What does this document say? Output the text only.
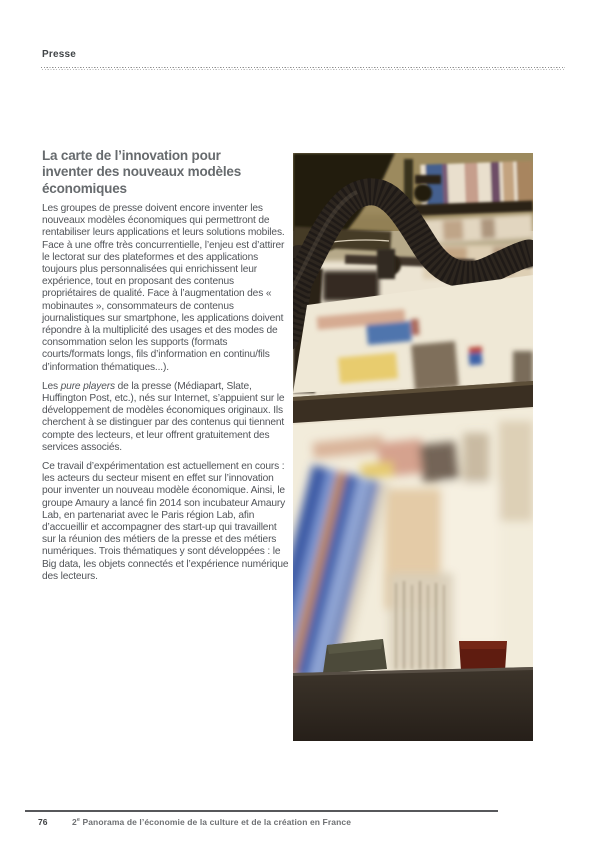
Presse
La carte de l’innovation pour inventer des nouveaux modèles économiques

Les groupes de presse doivent encore inventer les nouveaux modèles économiques qui permettront de rentabiliser leurs applications et leurs solutions mobiles. Face à une offre très concurrentielle, l’enjeu est d’attirer le lectorat sur des plateformes et des applications toujours plus personnalisées qui enrichissent leur expérience, tout en proposant des contenus propriétaires de qualité. Face à l’augmentation des « mobinautes », consommateurs de contenus journalistiques sur smartphone, les applications doivent répondre à la multiplicité des usages et des modes de consommation selon les supports (formats courts/formats longs, fils d’information en continu/fils d’information thématiques...).

Les pure players de la presse (Médiapart, Slate, Huffington Post, etc.), nés sur Internet, s’appuient sur le développement de modèles économiques originaux. Ils cherchent à se distinguer par des contenus qui tiennent compte des lecteurs, et leur offrent gratuitement des services associés.

Ce travail d’expérimentation est actuellement en cours : les acteurs du secteur misent en effet sur l’innovation pour inventer un nouveau modèle économique. Ainsi, le groupe Amaury a lancé fin 2014 son incubateur Amaury Lab, en partenariat avec le Paris région Lab, afin d’accueillir et accompagner des start-up qui travaillent sur la réunion des métiers de la presse et des métiers numériques. Trois thématiques y sont développées : le Big data, les objets connectés et l’expérience numérique des lecteurs.

76	2e Panorama de l’économie de la culture et de la création en France
